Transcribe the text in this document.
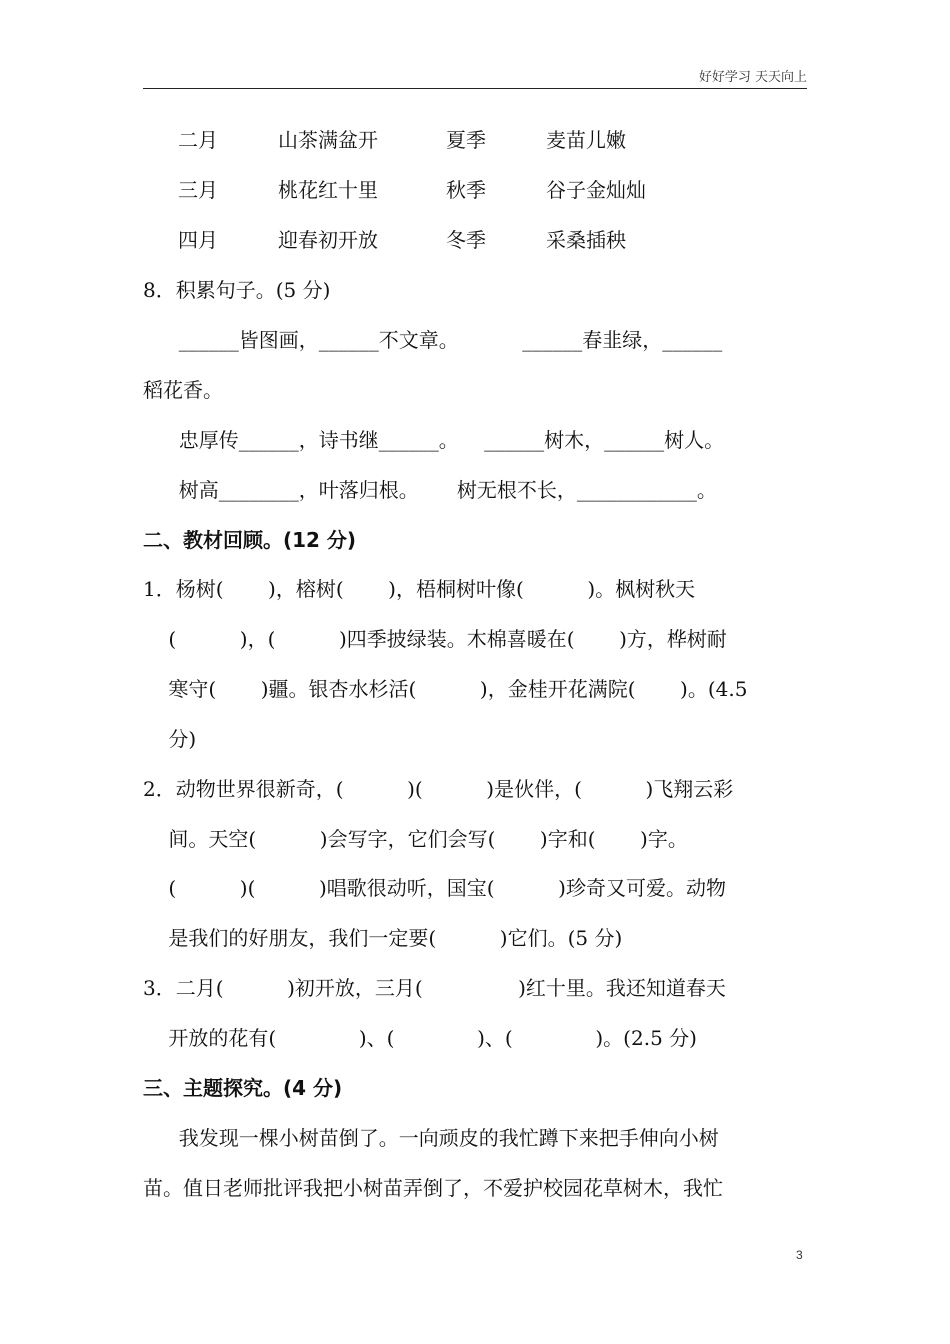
好好学习 天天向上
二月	山茶满盆开	夏季	麦苗儿嫩
三月	桃花红十里	秋季	谷子金灿灿
四月	迎春初开放	冬季	采桑插秧
8．积累句子。(5 分)
______皆图画，______不文章。          ______春韭绿，______
稻花香。
忠厚传______，诗书继______。    ______树木，______树人。
树高________，叶落归根。      树无根不长，____________。
二、教材回顾。(12 分)
1．杨树(       )，榕树(       )，梧桐树叶像(          )。枫树秋天
(          )，(          )四季披绿装。木棉喜暖在(       )方，桦树耐
寒守(       )疆。银杏水杉活(          )，金桂开花满院(       )。(4.5
分)
2．动物世界很新奇，(          )(          )是伙伴，(          )飞翔云彩
间。天空(          )会写字，它们会写(       )字和(       )字。
(          )(          )唱歌很动听，国宝(          )珍奇又可爱。动物
是我们的好朋友，我们一定要(          )它们。(5 分)
3．二月(          )初开放，三月(               )红十里。我还知道春天
开放的花有(             )、(             )、(             )。(2.5 分)
三、主题探究。(4 分)
我发现一棵小树苗倒了。一向顽皮的我忙蹲下来把手伸向小树
苗。值日老师批评我把小树苗弄倒了，不爱护校园花草树木，我忙
3
